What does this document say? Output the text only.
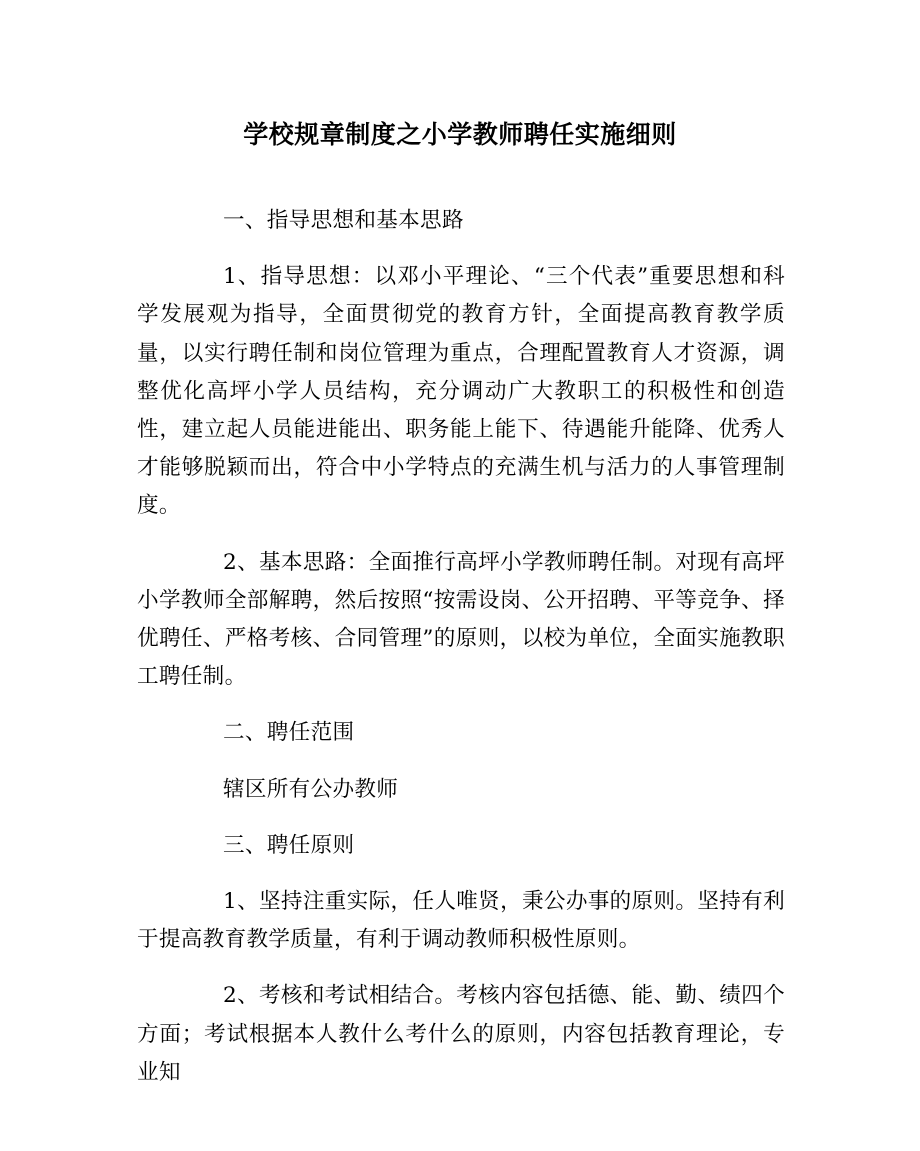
学校规章制度之小学教师聘任实施细则

一、指导思想和基本思路

1、指导思想：以邓小平理论、“三个代表”重要思想和科学发展观为指导，全面贯彻党的教育方针，全面提高教育教学质量，以实行聘任制和岗位管理为重点，合理配置教育人才资源，调整优化高坪小学人员结构，充分调动广大教职工的积极性和创造性，建立起人员能进能出、职务能上能下、待遇能升能降、优秀人才能够脱颖而出，符合中小学特点的充满生机与活力的人事管理制度。

2、基本思路：全面推行高坪小学教师聘任制。对现有高坪小学教师全部解聘，然后按照“按需设岗、公开招聘、平等竞争、择优聘任、严格考核、合同管理”的原则，以校为单位，全面实施教职工聘任制。

二、聘任范围

辖区所有公办教师

三、聘任原则

1、坚持注重实际，任人唯贤，秉公办事的原则。坚持有利于提高教育教学质量，有利于调动教师积极性原则。

2、考核和考试相结合。考核内容包括德、能、勤、绩四个方面；考试根据本人教什么考什么的原则，内容包括教育理论，专业知
